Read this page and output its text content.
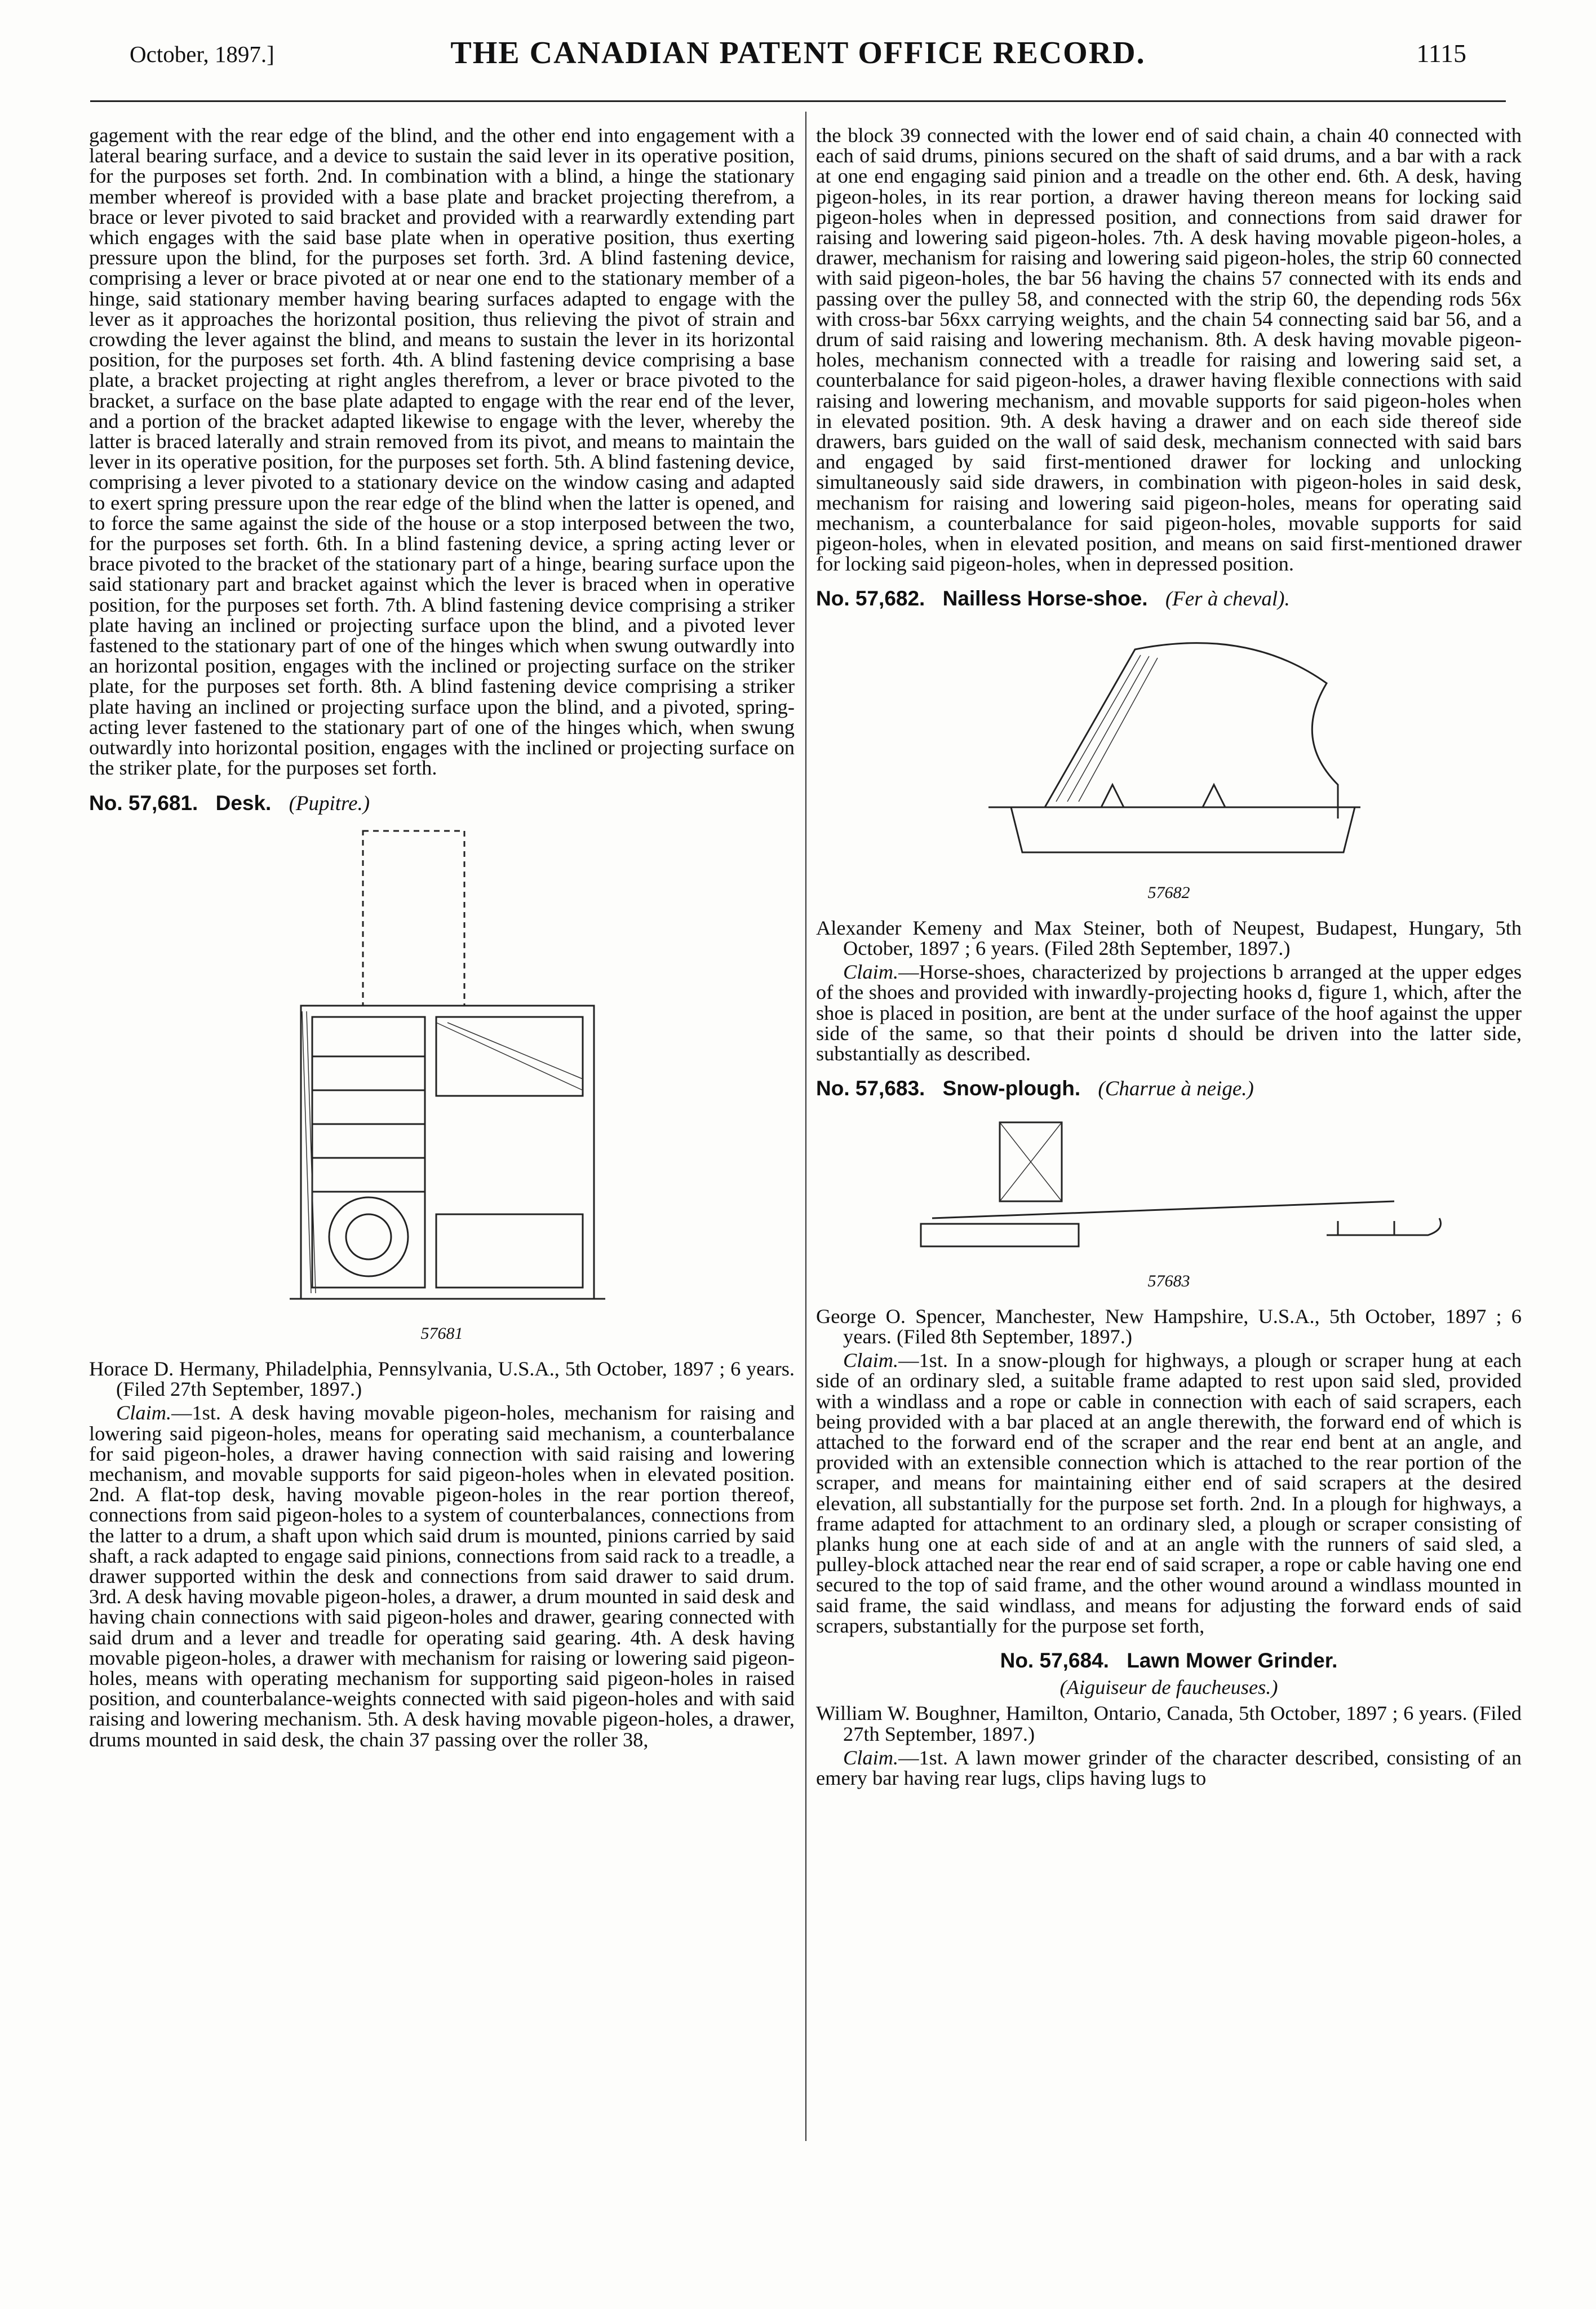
October, 1897.]	THE CANADIAN PATENT OFFICE RECORD.	1115

gagement with the rear edge of the blind, and the other end into engagement with a lateral bearing surface, and a device to sustain the said lever in its operative position, for the purposes set forth. 2nd. In combination with a blind, a hinge the stationary member whereof is provided with a base plate and bracket projecting therefrom, a brace or lever pivoted to said bracket and provided with a rearwardly extending part which engages with the said base plate when in operative position, thus exerting pressure upon the blind, for the purposes set forth. 3rd. A blind fastening device, comprising a lever or brace pivoted at or near one end to the stationary member of a hinge, said stationary member having bearing surfaces adapted to engage with the lever as it approaches the horizontal position, thus relieving the pivot of strain and crowding the lever against the blind, and means to sustain the lever in its horizontal position, for the purposes set forth. 4th. A blind fastening device comprising a base plate, a bracket projecting at right angles therefrom, a lever or brace pivoted to the bracket, a surface on the base plate adapted to engage with the rear end of the lever, and a portion of the bracket adapted likewise to engage with the lever, whereby the latter is braced laterally and strain removed from its pivot, and means to maintain the lever in its operative position, for the purposes set forth. 5th. A blind fastening device, comprising a lever pivoted to a stationary device on the window casing and adapted to exert spring pressure upon the rear edge of the blind when the latter is opened, and to force the same against the side of the house or a stop interposed between the two, for the purposes set forth. 6th. In a blind fastening device, a spring acting lever or brace pivoted to the bracket of the stationary part of a hinge, bearing surface upon the said stationary part and bracket against which the lever is braced when in operative position, for the purposes set forth. 7th. A blind fastening device comprising a striker plate having an inclined or projecting surface upon the blind, and a pivoted lever fastened to the stationary part of one of the hinges which when swung outwardly into an horizontal position, engages with the inclined or projecting surface on the striker plate, for the purposes set forth. 8th. A blind fastening device comprising a striker plate having an inclined or projecting surface upon the blind, and a pivoted, spring-acting lever fastened to the stationary part of one of the hinges which, when swung outwardly into horizontal position, engages with the inclined or projecting surface on the striker plate, for the purposes set forth.

No. 57,681. Desk. (Pupitre.)
57681

Horace D. Hermany, Philadelphia, Pennsylvania, U.S.A., 5th October, 1897 ; 6 years. (Filed 27th September, 1897.)

Claim.—1st. A desk having movable pigeon-holes, mechanism for raising and lowering said pigeon-holes, means for operating said mechanism, a counterbalance for said pigeon-holes, a drawer having connection with said raising and lowering mechanism, and movable supports for said pigeon-holes when in elevated position. 2nd. A flat-top desk, having movable pigeon-holes in the rear portion thereof, connections from said pigeon-holes to a system of counterbalances, connections from the latter to a drum, a shaft upon which said drum is mounted, pinions carried by said shaft, a rack adapted to engage said pinions, connections from said rack to a treadle, a drawer supported within the desk and connections from said drawer to said drum. 3rd. A desk having movable pigeon-holes, a drawer, a drum mounted in said desk and having chain connections with said pigeon-holes and drawer, gearing connected with said drum and a lever and treadle for operating said gearing. 4th. A desk having movable pigeon-holes, a drawer with mechanism for raising or lowering said pigeon-holes, means with operating mechanism for supporting said pigeon-holes in raised position, and counterbalance-weights connected with said pigeon-holes and with said raising and lowering mechanism. 5th. A desk having movable pigeon-holes, a drawer, drums mounted in said desk, the chain 37 passing over the roller 38,

the block 39 connected with the lower end of said chain, a chain 40 connected with each of said drums, pinions secured on the shaft of said drums, and a bar with a rack at one end engaging said pinion and a treadle on the other end. 6th. A desk, having pigeon-holes, in its rear portion, a drawer having thereon means for locking said pigeon-holes when in depressed position, and connections from said drawer for raising and lowering said pigeon-holes. 7th. A desk having movable pigeon-holes, a drawer, mechanism for raising and lowering said pigeon-holes, the strip 60 connected with said pigeon-holes, the bar 56 having the chains 57 connected with its ends and passing over the pulley 58, and connected with the strip 60, the depending rods 56x with cross-bar 56xx carrying weights, and the chain 54 connecting said bar 56, and a drum of said raising and lowering mechanism. 8th. A desk having movable pigeon-holes, mechanism connected with a treadle for raising and lowering said set, a counterbalance for said pigeon-holes, a drawer having flexible connections with said raising and lowering mechanism, and movable supports for said pigeon-holes when in elevated position. 9th. A desk having a drawer and on each side thereof side drawers, bars guided on the wall of said desk, mechanism connected with said bars and engaged by said first-mentioned drawer for locking and unlocking simultaneously said side drawers, in combination with pigeon-holes in said desk, mechanism for raising and lowering said pigeon-holes, means for operating said mechanism, a counterbalance for said pigeon-holes, movable supports for said pigeon-holes, when in elevated position, and means on said first-mentioned drawer for locking said pigeon-holes, when in depressed position.

No. 57,682. Nailless Horse-shoe. (Fer à cheval).
57682

Alexander Kemeny and Max Steiner, both of Neupest, Budapest, Hungary, 5th October, 1897 ; 6 years. (Filed 28th September, 1897.)

Claim.—Horse-shoes, characterized by projections b arranged at the upper edges of the shoes and provided with inwardly-projecting hooks d, figure 1, which, after the shoe is placed in position, are bent at the under surface of the hoof against the upper side of the same, so that their points d should be driven into the latter side, substantially as described.

No. 57,683. Snow-plough. (Charrue à neige.)
57683

George O. Spencer, Manchester, New Hampshire, U.S.A., 5th October, 1897 ; 6 years. (Filed 8th September, 1897.)

Claim.—1st. In a snow-plough for highways, a plough or scraper hung at each side of an ordinary sled, a suitable frame adapted to rest upon said sled, provided with a windlass and a rope or cable in connection with each of said scrapers, each being provided with a bar placed at an angle therewith, the forward end of which is attached to the forward end of the scraper and the rear end bent at an angle, and provided with an extensible connection which is attached to the rear portion of the scraper, and means for maintaining either end of said scrapers at the desired elevation, all substantially for the purpose set forth. 2nd. In a plough for highways, a frame adapted for attachment to an ordinary sled, a plough or scraper consisting of planks hung one at each side of and at an angle with the runners of said sled, a pulley-block attached near the rear end of said scraper, a rope or cable having one end secured to the top of said frame, and the other wound around a windlass mounted in said frame, the said windlass, and means for adjusting the forward ends of said scrapers, substantially for the purpose set forth,

No. 57,684. Lawn Mower Grinder.
(Aiguiseur de faucheuses.)

William W. Boughner, Hamilton, Ontario, Canada, 5th October, 1897 ; 6 years. (Filed 27th September, 1897.)

Claim.—1st. A lawn mower grinder of the character described, consisting of an emery bar having rear lugs, clips having lugs to
